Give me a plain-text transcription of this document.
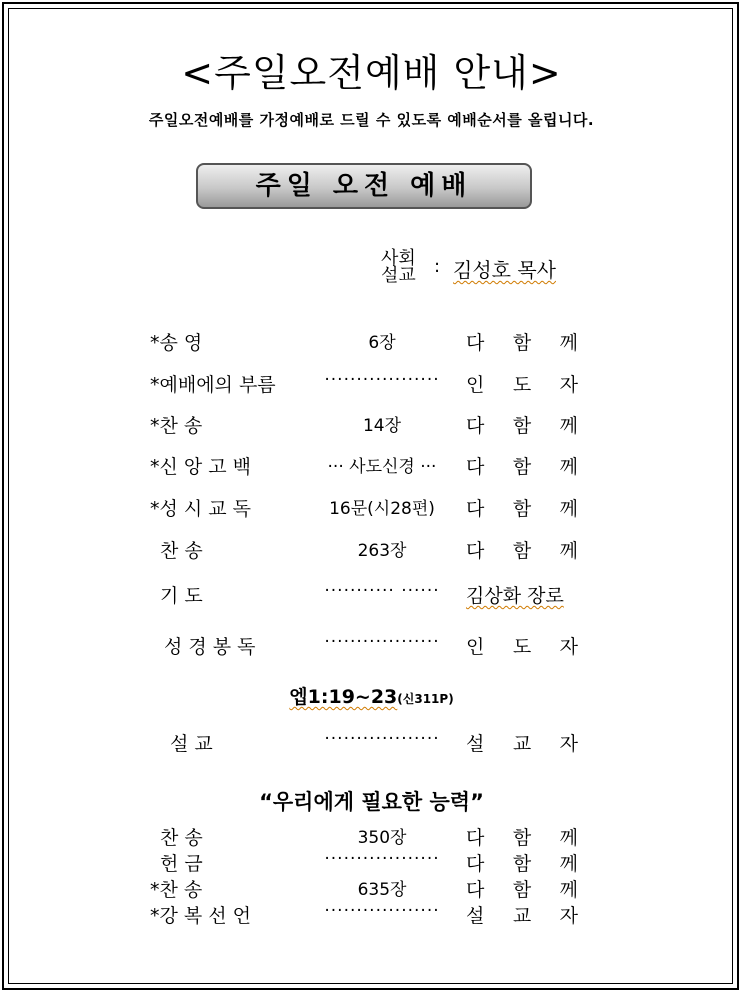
<주일오전예배 안내>
주일오전예배를 가정예배로 드릴 수 있도록 예배순서를 올립니다.
주일 오전 예배
사회
설교 : 김성호 목사
*송 영	6장	다 함 께
*예배에의 부름	··················	인 도 자
*찬 송	14장	다 함 께
*신 앙 고 백	··· 사도신경 ···	다 함 께
*성 시 교 독	16문(시28편)	다 함 께
찬 송	263장	다 함 께
기 도	··········· ······	김상화 장로
성 경 봉 독	··················	인 도 자
엡1:19~23(신311P)
설 교	··················	설 교 자
“우리에게 필요한 능력”
찬 송	350장	다 함 께
헌 금	··················	다 함 께
*찬 송	635장	다 함 께
*강 복 선 언	··················	설 교 자
